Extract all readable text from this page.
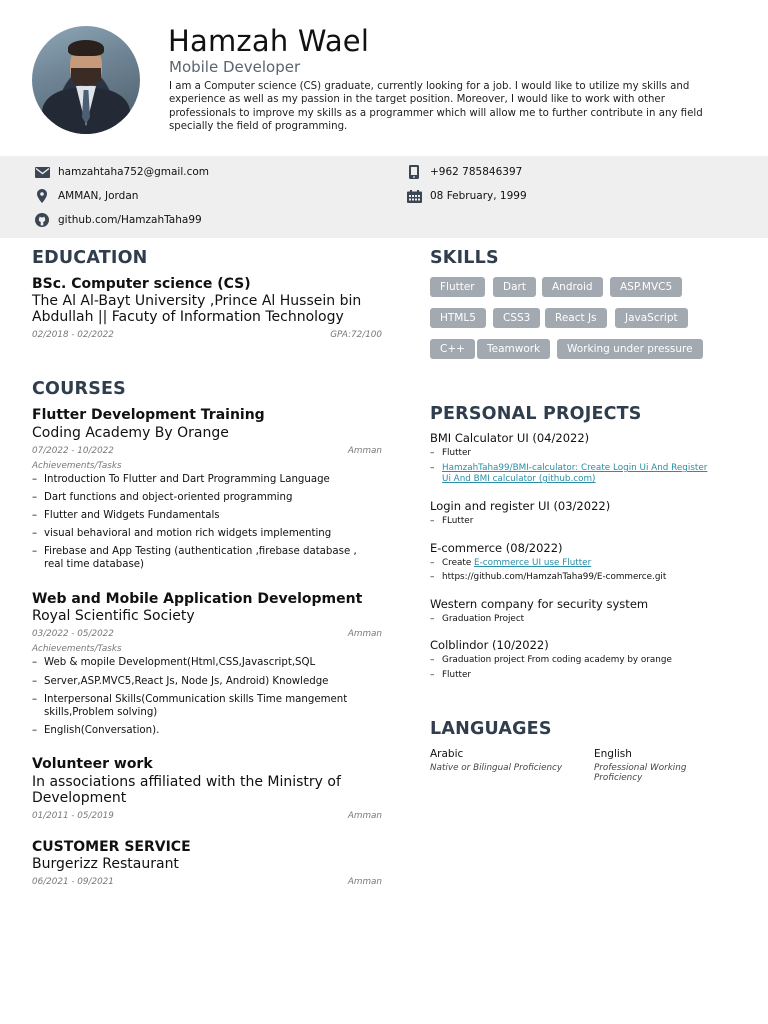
Hamzah Wael
Mobile Developer
I am a Computer science (CS) graduate, currently looking for a job. I would like to utilize my skills and experience as well as my passion in the target position. Moreover, I would like to work with other professionals to improve my skills as a programmer which will allow me to further contribute in any field specially the field of programming.
hamzahtaha752@gmail.com	+962 785846397
AMMAN, Jordan	08 February, 1999
github.com/HamzahTaha99
EDUCATION
BSc. Computer science (CS)
The Al Al-Bayt University ,Prince Al Hussein bin
Abdullah || Facuty of Information Technology
02/2018 - 02/2022	GPA:72/100
COURSES
Flutter Development Training
Coding Academy By Orange
07/2022 - 10/2022	Amman
Achievements/Tasks
– Introduction To Flutter and Dart Programming Language
– Dart functions and object-oriented programming
– Flutter and Widgets Fundamentals
– visual behavioral and motion rich widgets implementing
– Firebase and App Testing (authentication ,firebase database ,
real time database)
Web and Mobile Application Development
Royal Scientific Society
03/2022 - 05/2022	Amman
Achievements/Tasks
– Web & mopile Development(Html,CSS,Javascript,SQL
– Server,ASP.MVC5,React Js, Node Js, Android) Knowledge
– Interpersonal Skills(Communication skills Time mangement
skills,Problem solving)
– English(Conversation).
Volunteer work
In associations affiliated with the Ministry of
Development
01/2011 - 05/2019	Amman
CUSTOMER SERVICE
Burgerizz Restaurant
06/2021 - 09/2021	Amman
SKILLS
Flutter	Dart	Android	ASP.MVC5
HTML5	CSS3	React Js	JavaScript
C++	Teamwork	Working under pressure
PERSONAL PROJECTS
BMI Calculator UI (04/2022)
– Flutter
– HamzahTaha99/BMI-calculator: Create Login Ui And Register
Ui And BMI calculator (github.com)
Login and register UI (03/2022)
– FLutter
E-commerce (08/2022)
– Create E-commerce UI use Flutter
– https://github.com/HamzahTaha99/E-commerce.git
Western company for security system
– Graduation Project
Colblindor (10/2022)
– Graduation project From coding academy by orange
– Flutter
LANGUAGES
Arabic
Native or Bilingual Proficiency
English
Professional Working
Proficiency
